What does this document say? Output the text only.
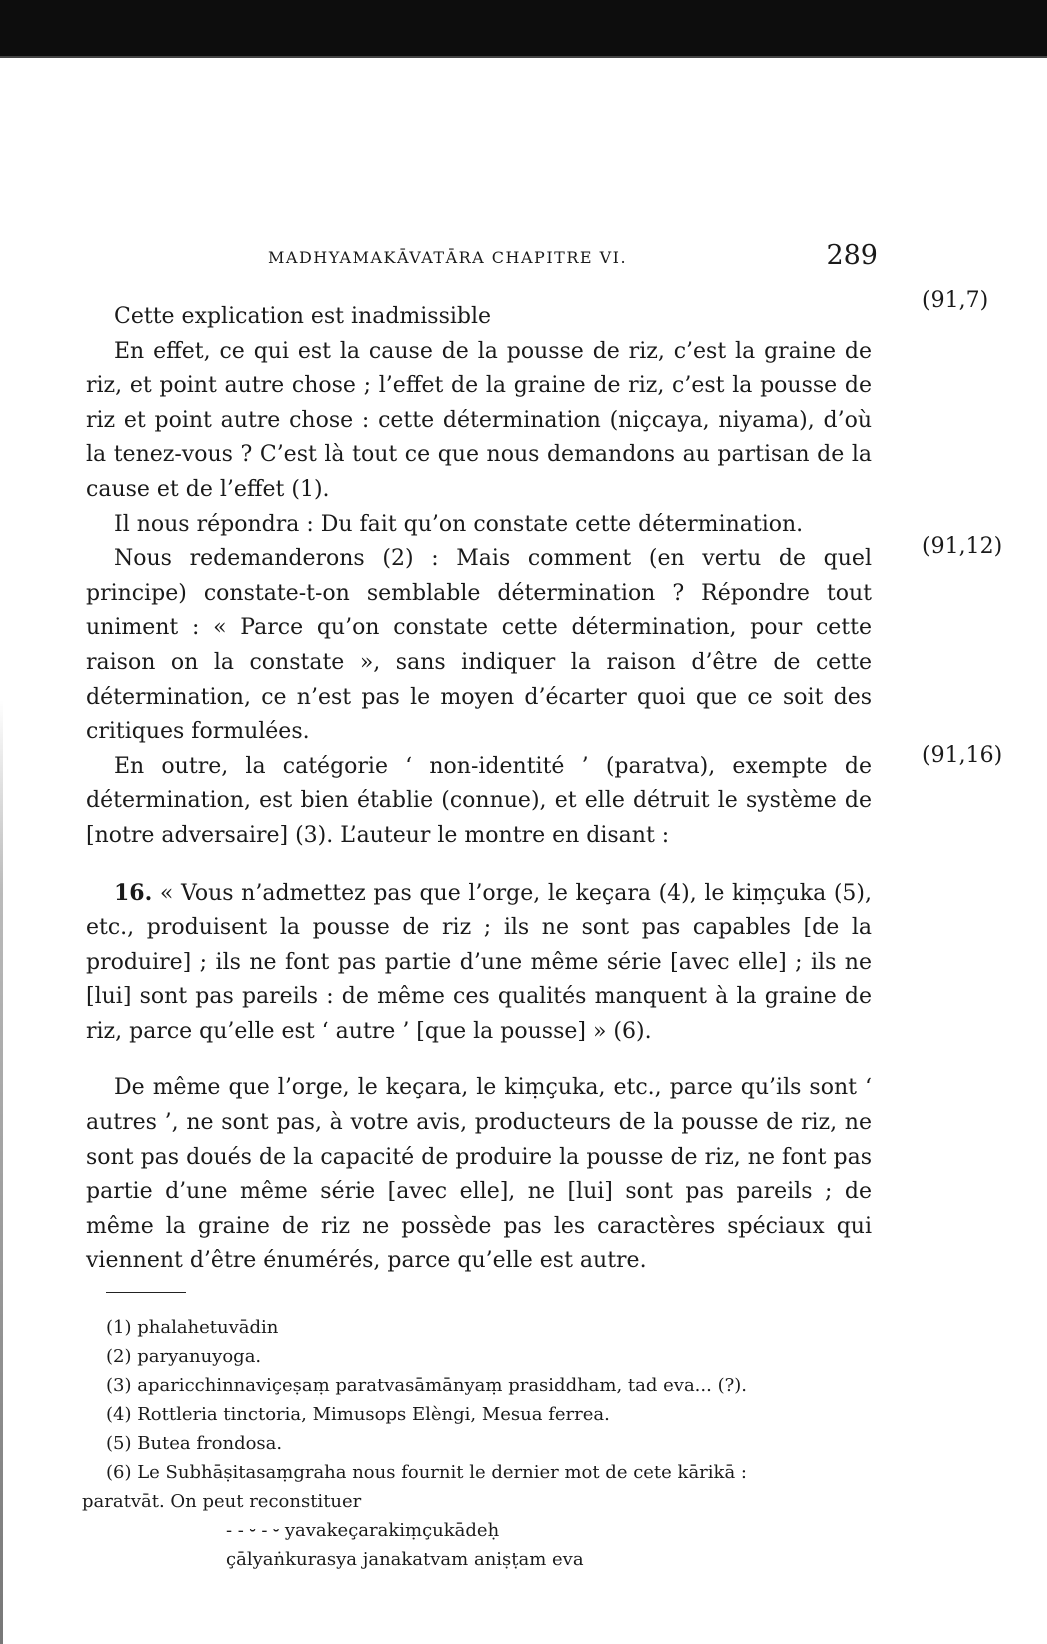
MADHYAMAKĀVATĀRA CHAPITRE VI.	289
(91,7)
(91,12)
(91,16)

Cette explication est inadmissible

En effet, ce qui est la cause de la pousse de riz, c’est la graine de riz, et point autre chose ; l’effet de la graine de riz, c’est la pousse de riz et point autre chose : cette détermination (niçcaya, niyama), d’où la tenez-vous ? C’est là tout ce que nous demandons au partisan de la cause et de l’effet (1).

Il nous répondra : Du fait qu’on constate cette détermination.

Nous redemanderons (2) : Mais comment (en vertu de quel principe) constate-t-on semblable détermination ? Répondre tout uniment : « Parce qu’on constate cette détermination, pour cette raison on la constate », sans indiquer la raison d’être de cette détermination, ce n’est pas le moyen d’écarter quoi que ce soit des critiques formulées.

En outre, la catégorie ‘ non-identité ’ (paratva), exempte de détermination, est bien établie (connue), et elle détruit le système de [notre adversaire] (3). L’auteur le montre en disant :

16. « Vous n’admettez pas que l’orge, le keçara (4), le kiṃçuka (5), etc., produisent la pousse de riz ; ils ne sont pas capables [de la produire] ; ils ne font pas partie d’une même série [avec elle] ; ils ne [lui] sont pas pareils : de même ces qualités manquent à la graine de riz, parce qu’elle est ‘ autre ’ [que la pousse] » (6).

De même que l’orge, le keçara, le kiṃçuka, etc., parce qu’ils sont ‘ autres ’, ne sont pas, à votre avis, producteurs de la pousse de riz, ne sont pas doués de la capacité de produire la pousse de riz, ne font pas partie d’une même série [avec elle], ne [lui] sont pas pareils ; de même la graine de riz ne possède pas les caractères spéciaux qui viennent d’être énumérés, parce qu’elle est autre.

(1) phalahetuvādin

(2) paryanuyoga.

(3) aparicchinnaviçeṣaṃ paratvasāmānyaṃ prasiddham, tad eva... (?).

(4) Rottleria tinctoria, Mimusops Elèngi, Mesua ferrea.

(5) Butea frondosa.

(6) Le Subhāṣitasaṃgraha nous fournit le dernier mot de cete kārikā :

paratvāt. On peut reconstituer

- - ⏑ - ⏑ yavakeçarakiṃçukādeḥ

çālyaṅkurasya janakatvam aniṣṭam eva
